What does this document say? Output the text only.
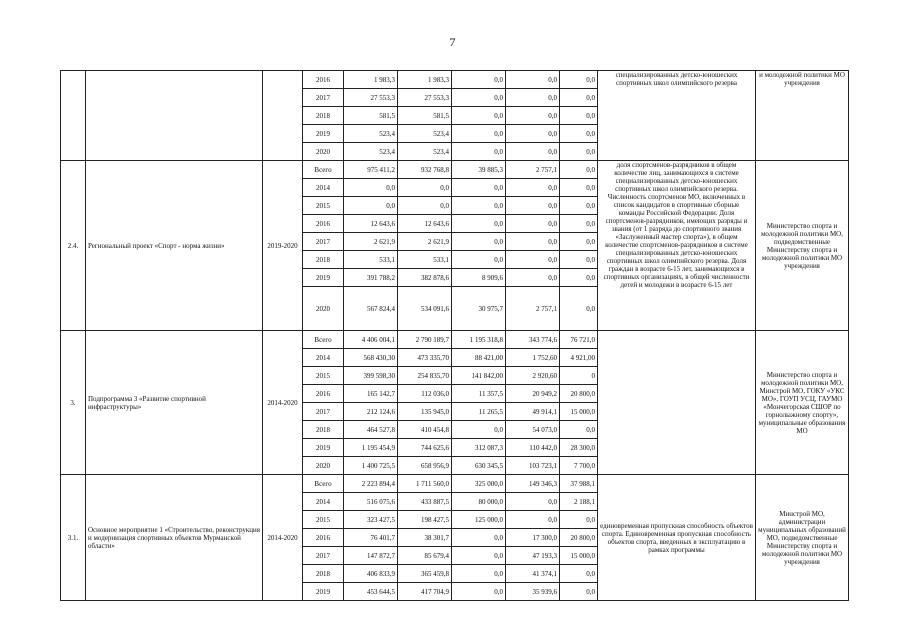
7
			2016	1 983,3	1 983,3	0,0	0,0	0,0	специализированных детско-юношеских спортивных школ олимпийского резерва	и молодежной политики МО учреждения
			2017	27 553,3	27 553,3	0,0	0,0	0,0		
			2018	581,5	581,5	0,0	0,0	0,0		
			2019	523,4	523,4	0,0	0,0	0,0		
			2020	523,4	523,4	0,0	0,0	0,0		
2.4.	Региональный проект «Спорт - норма жизни»	2019-2020	Всего	975 411,2	932 768,8	39 885,3	2 757,1	0,0	доля спортсменов-разрядников в общем количестве лиц, занимающихся в системе специализированных детско-юношеских спортивных школ олимпийского резерва. Численность спортсменов МО, включенных в список кандидатов в спортивные сборные команды Российской Федерации. Доля спортсменов-разрядников, имеющих разряды и звания (от 1 разряда до спортивного звания «Заслуженный мастер спорта»), в общем количестве спортсменов-разрядников в системе специализированных детско-юношеских спортивных школ олимпийского резерва. Доля граждан в возрасте 6-15 лет, занимающихся в спортивных организациях, в общей численности детей и молодежи в возрасте 6-15 лет	Министерство спорта и молодежной политики МО, подведомственные Министерству спорта и молодежной политики МО учреждения
			2014	0,0	0,0	0,0	0,0	0,0		
			2015	0,0	0,0	0,0	0,0	0,0		
			2016	12 643,6	12 643,6	0,0	0,0	0,0		
			2017	2 621,9	2 621,9	0,0	0,0	0,0		
			2018	533,1	533,1	0,0	0,0	0,0		
			2019	391 788,2	382 878,6	8 909,6	0,0	0,0		
			2020	567 824,4	534 091,6	30 975,7	2 757,1	0,0		
3.	Подпрограмма 3 «Развитие спортивной инфраструктуры»	2014-2020	Всего	4 406 004,1	2 790 189,7	1 195 318,8	343 774,6	76 721,0		Министерство спорта и молодежной политики МО, Минстрой МО, ГОКУ «УКС МО», ГОУП УСЦ, ГАУМО «Мончегорская СШОР по горнолыжному спорту», муниципальные образования МО
			2014	568 430,30	473 335,70	88 421,00	1 752,60	4 921,00		
			2015	399 598,30	254 835,70	141 842,00	2 920,60	0		
			2016	165 142,7	112 036,0	11 357,5	20 949,2	20 800,0		
			2017	212 124,6	135 945,0	11 265,5	49 914,1	15 000,0		
			2018	464 527,8	410 454,8	0,0	54 073,0	0,0		
			2019	1 195 454,9	744 625,6	312 087,3	110 442,0	28 300,0		
			2020	1 400 725,5	658 956,9	630 345,5	103 723,1	7 700,0		
3.1.	Основное мероприятие 1 «Строительство, реконструкция и модернизация спортивных объектов Мурманской области»	2014-2020	Всего	2 223 894,4	1 711 560,0	325 000,0	149 346,3	37 988,1	единовременная пропускная способность объектов спорта. Единовременная пропускная способность объектов спорта, введенных в эксплуатацию в рамках программы	Минстрой МО, администрации муниципальных образований МО, подведомственные Министерству спорта и молодежной политики МО учреждения
			2014	516 075,6	433 887,5	80 000,0	0,0	2 188,1		
			2015	323 427,5	198 427,5	125 000,0	0,0	0,0		
			2016	76 401,7	38 301,7	0,0	17 300,0	20 800,0		
			2017	147 872,7	85 679,4	0,0	47 193,3	15 000,0		
			2018	406 833,9	365 459,8	0,0	41 374,1	0,0		
			2019	453 644,5	417 704,9	0,0	35 939,6	0,0		
